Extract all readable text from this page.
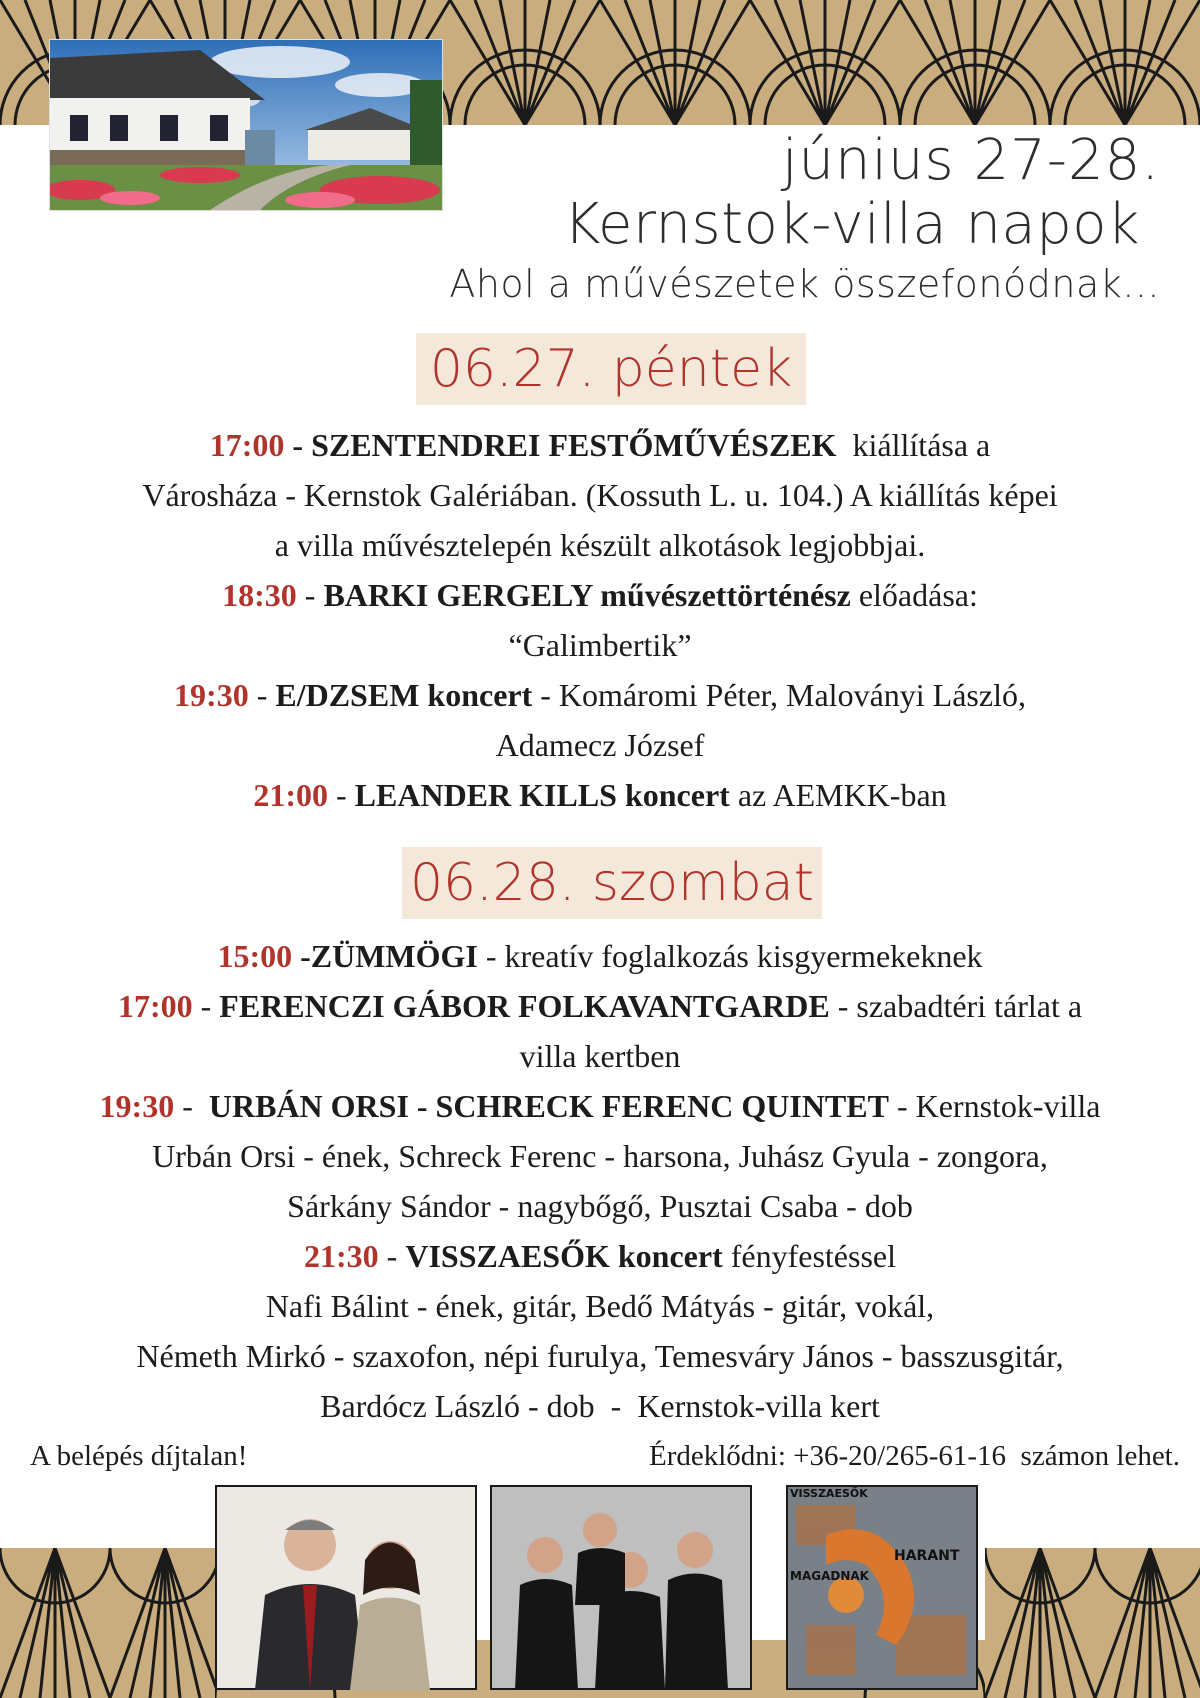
június 27-28.
Kernstok-villa napok
Ahol a művészetek összefonódnak...
06.27. péntek
17:00 - SZENTENDREI FESTŐMŰVÉSZEK  kiállítása a
Városháza - Kernstok Galériában. (Kossuth L. u. 104.) A kiállítás képei
a villa művésztelepén készült alkotások legjobbjai.
18:30 - BARKI GERGELY művészettörténész előadása:
“Galimbertik”
19:30 - E/DZSEM koncert - Komáromi Péter, Maloványi László,
Adamecz József
21:00 - LEANDER KILLS koncert az AEMKK-ban
06.28. szombat
15:00 -ZÜMMÖGI - kreatív foglalkozás kisgyermekeknek
17:00 - FERENCZI GÁBOR FOLKAVANTGARDE - szabadtéri tárlat a
villa kertben
19:30 -  URBÁN ORSI - SCHRECK FERENC QUINTET - Kernstok-villa
Urbán Orsi - ének, Schreck Ferenc - harsona, Juhász Gyula - zongora,
Sárkány Sándor - nagybőgő, Pusztai Csaba - dob
21:30 - VISSZAESŐK koncert fényfestéssel
Nafi Bálint - ének, gitár, Bedő Mátyás - gitár, vokál,
Németh Mirkó - szaxofon, népi furulya, Temesváry János - basszusgitár,
Bardócz László - dob  -  Kernstok-villa kert
A belépés díjtalan!	Érdeklődni: +36-20/265-61-16  számon lehet.
VISSZAESŐK
HARANT
MAGADNAK
